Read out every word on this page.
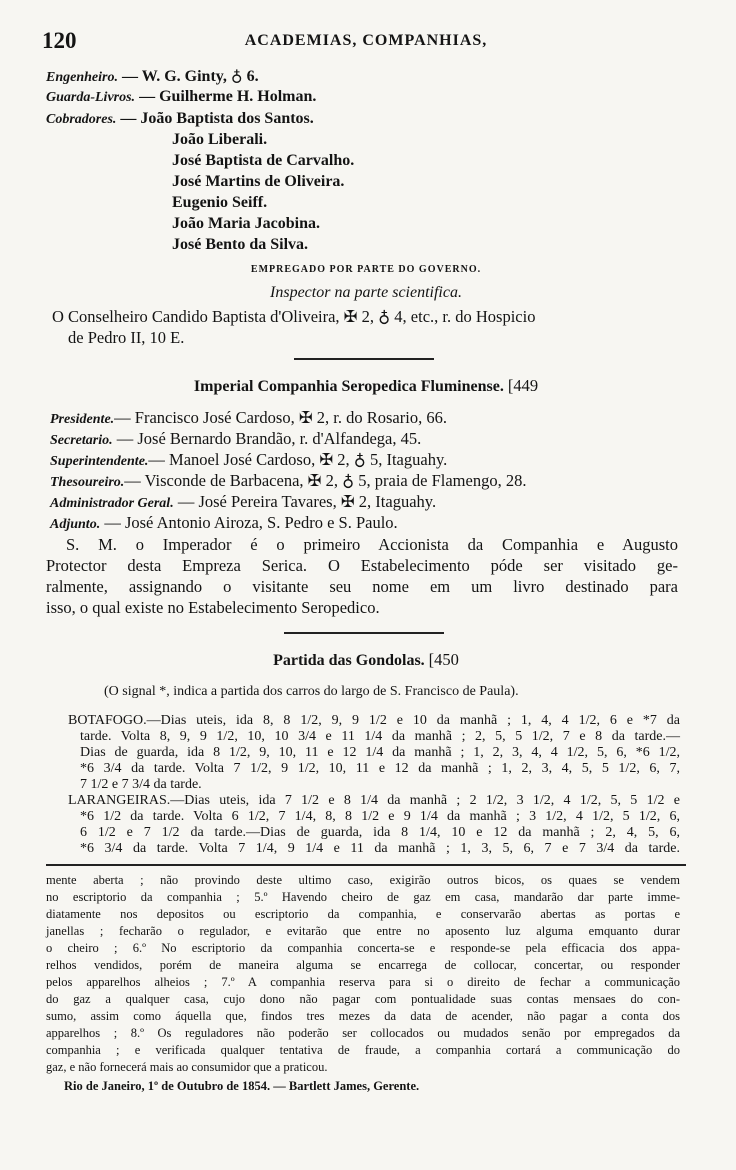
120	ACADEMIAS, COMPANHIAS,
Engenheiro. — W. G. Ginty, ♁ 6.
Guarda-Livros. — Guilherme H. Holman.
Cobradores. — João Baptista dos Santos.
João Liberali.
José Baptista de Carvalho.
José Martins de Oliveira.
Eugenio Seiff.
João Maria Jacobina.
José Bento da Silva.
EMPREGADO POR PARTE DO GOVERNO.
Inspector na parte scientifica.
O Conselheiro Candido Baptista d'Oliveira, ✠ 2, ♁ 4, etc., r. do Hospicio
de Pedro II, 10 E.
Imperial Companhia Seropedica Fluminense. [449
Presidente.— Francisco José Cardoso, ✠ 2, r. do Rosario, 66.
Secretario. — José Bernardo Brandão, r. d'Alfandega, 45.
Superintendente.— Manoel José Cardoso, ✠ 2, ♁ 5, Itaguahy.
Thesoureiro.— Visconde de Barbacena, ✠ 2, ♁ 5, praia de Flamengo, 28.
Administrador Geral. — José Pereira Tavares, ✠ 2, Itaguahy.
Adjunto. — José Antonio Airoza, S. Pedro e S. Paulo.
S. M. o Imperador é o primeiro Accionista da Companhia e Augusto
Protector desta Empreza Serica. O Estabelecimento póde ser visitado ge-
ralmente, assignando o visitante seu nome em um livro destinado para
isso, o qual existe no Estabelecimento Seropedico.
Partida das Gondolas. [450
(O signal *, indica a partida dos carros do largo de S. Francisco de Paula).
BOTAFOGO.—Dias uteis, ida 8, 8 1/2, 9, 9 1/2 e 10 da manhã ; 1, 4, 4 1/2, 6 e *7 da
tarde. Volta 8, 9, 9 1/2, 10, 10 3/4 e 11 1/4 da manhã ; 2, 5, 5 1/2, 7 e 8 da tarde.—
Dias de guarda, ida 8 1/2, 9, 10, 11 e 12 1/4 da manhã ; 1, 2, 3, 4, 4 1/2, 5, 6, *6 1/2,
*6 3/4 da tarde. Volta 7 1/2, 9 1/2, 10, 11 e 12 da manhã ; 1, 2, 3, 4, 5, 5 1/2, 6, 7,
7 1/2 e 7 3/4 da tarde.
LARANGEIRAS.—Dias uteis, ida 7 1/2 e 8 1/4 da manhã ; 2 1/2, 3 1/2, 4 1/2, 5, 5 1/2 e
*6 1/2 da tarde. Volta 6 1/2, 7 1/4, 8, 8 1/2 e 9 1/4 da manhã ; 3 1/2, 4 1/2, 5 1/2, 6,
6 1/2 e 7 1/2 da tarde.—Dias de guarda, ida 8 1/4, 10 e 12 da manhã ; 2, 4, 5, 6,
*6 3/4 da tarde. Volta 7 1/4, 9 1/4 e 11 da manhã ; 1, 3, 5, 6, 7 e 7 3/4 da tarde.
mente aberta ; não provindo deste ultimo caso, exigirão outros bicos, os quaes se vendem
no escriptorio da companhia ; 5.º Havendo cheiro de gaz em casa, mandarão dar parte imme-
diatamente nos depositos ou escriptorio da companhia, e conservarão abertas as portas e
janellas ; fecharão o regulador, e evitarão que entre no aposento luz alguma emquanto durar
o cheiro ; 6.º No escriptorio da companhia concerta-se e responde-se pela efficacia dos appa-
relhos vendidos, porém de maneira alguma se encarrega de collocar, concertar, ou responder
pelos apparelhos alheios ; 7.º A companhia reserva para si o direito de fechar a communicação
do gaz a qualquer casa, cujo dono não pagar com pontualidade suas contas mensaes do con-
sumo, assim como áquella que, findos tres mezes da data de acender, não pagar a conta dos
apparelhos ; 8.º Os reguladores não poderão ser collocados ou mudados senão por empregados da
companhia ; e verificada qualquer tentativa de fraude, a companhia cortará a communicação do
gaz, e não fornecerá mais ao consumidor que a praticou.
Rio de Janeiro, 1º de Outubro de 1854. — Bartlett James, Gerente.
